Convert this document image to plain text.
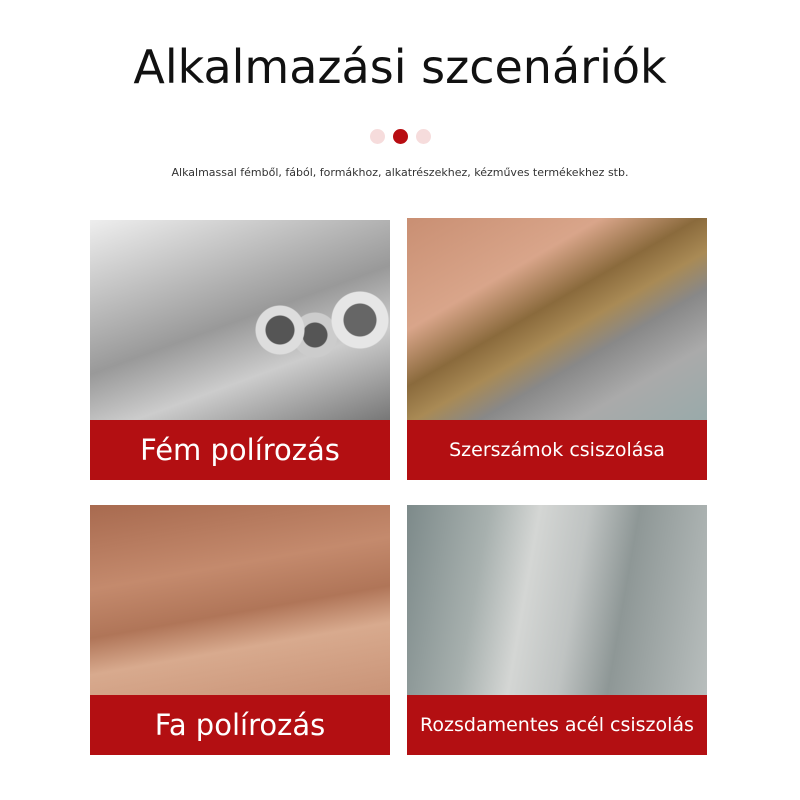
Alkalmazási szcenáriók
Alkalmassal fémből, fából, formákhoz, alkatrészekhez, kézműves termékekhez stb.
Fém polírozás	Szerszámok csiszolása
Fa polírozás	Rozsdamentes acél csiszolás
